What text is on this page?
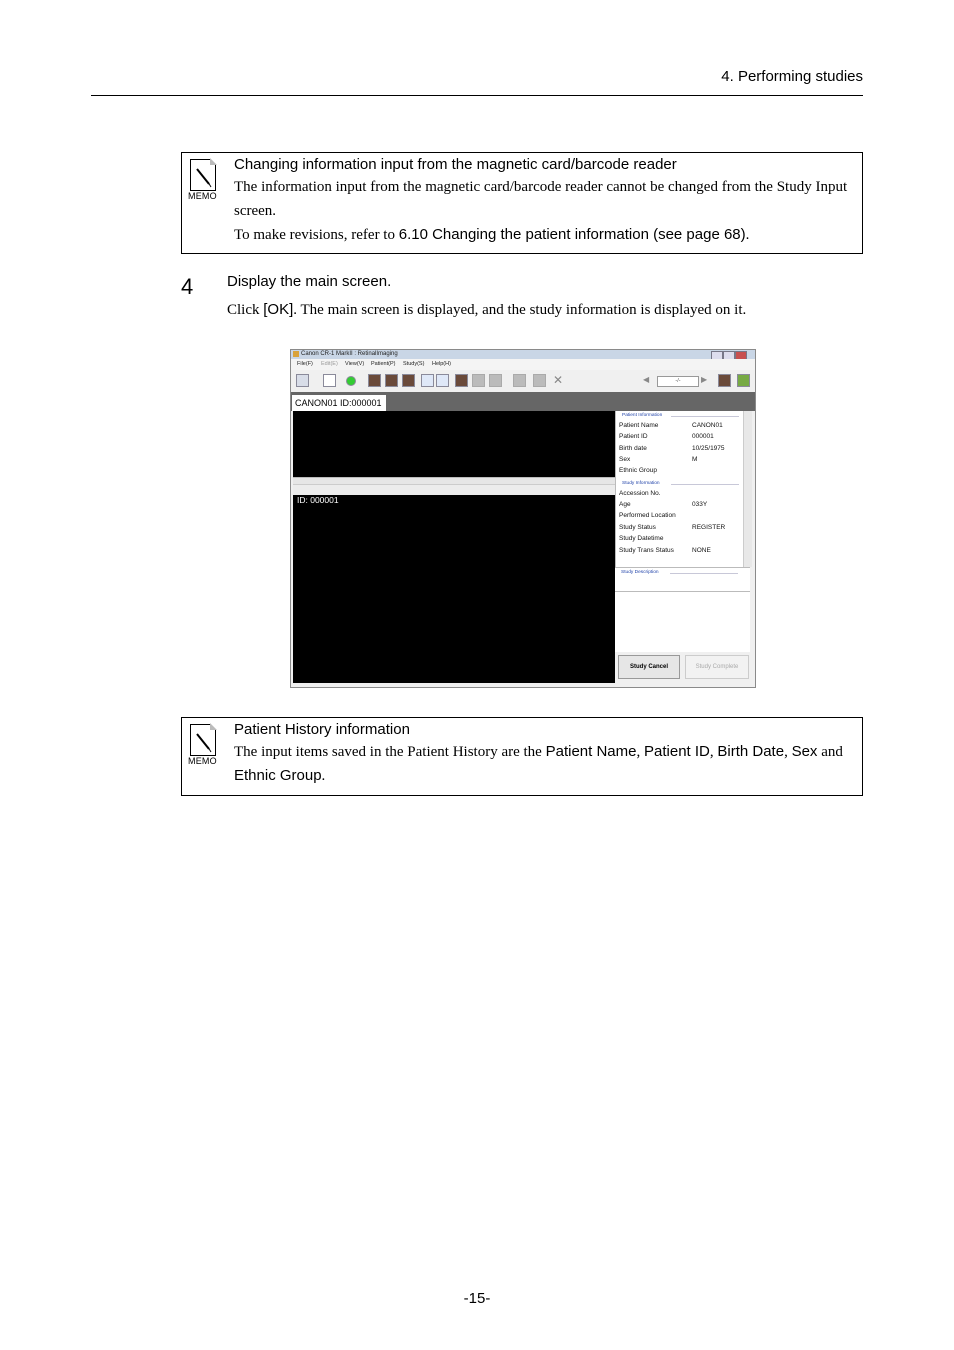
4. Performing studies
MEMO
Changing information input from the magnetic card/barcode reader
The information input from the magnetic card/barcode reader cannot be changed from the Study Input screen.
To make revisions, refer to 6.10 Changing the patient information (see page 68).
4 Display the main screen.
Click [OK]. The main screen is displayed, and the study information is displayed on it.
Canon CR-1 MarkII : RetinalImaging
File(F) Edit(E) View(V) Patient(P) Study(S) Help(H)
✕	◀	-/-	▶
CANON01 ID:000001
ID: 000001
Patient Information
Patient Name	CANON01
Patient ID	000001
Birth date	10/25/1975
Sex	M
Ethnic Group
Study Information
Accession No.
Age	033Y
Performed Location
Study Status	REGISTER
Study Datetime
Study Trans Status	NONE
Study Description
Study Cancel	Study Complete
MEMO
Patient History information
The input items saved in the Patient History are the Patient Name, Patient ID, Birth Date, Sex and Ethnic Group.
-15-
